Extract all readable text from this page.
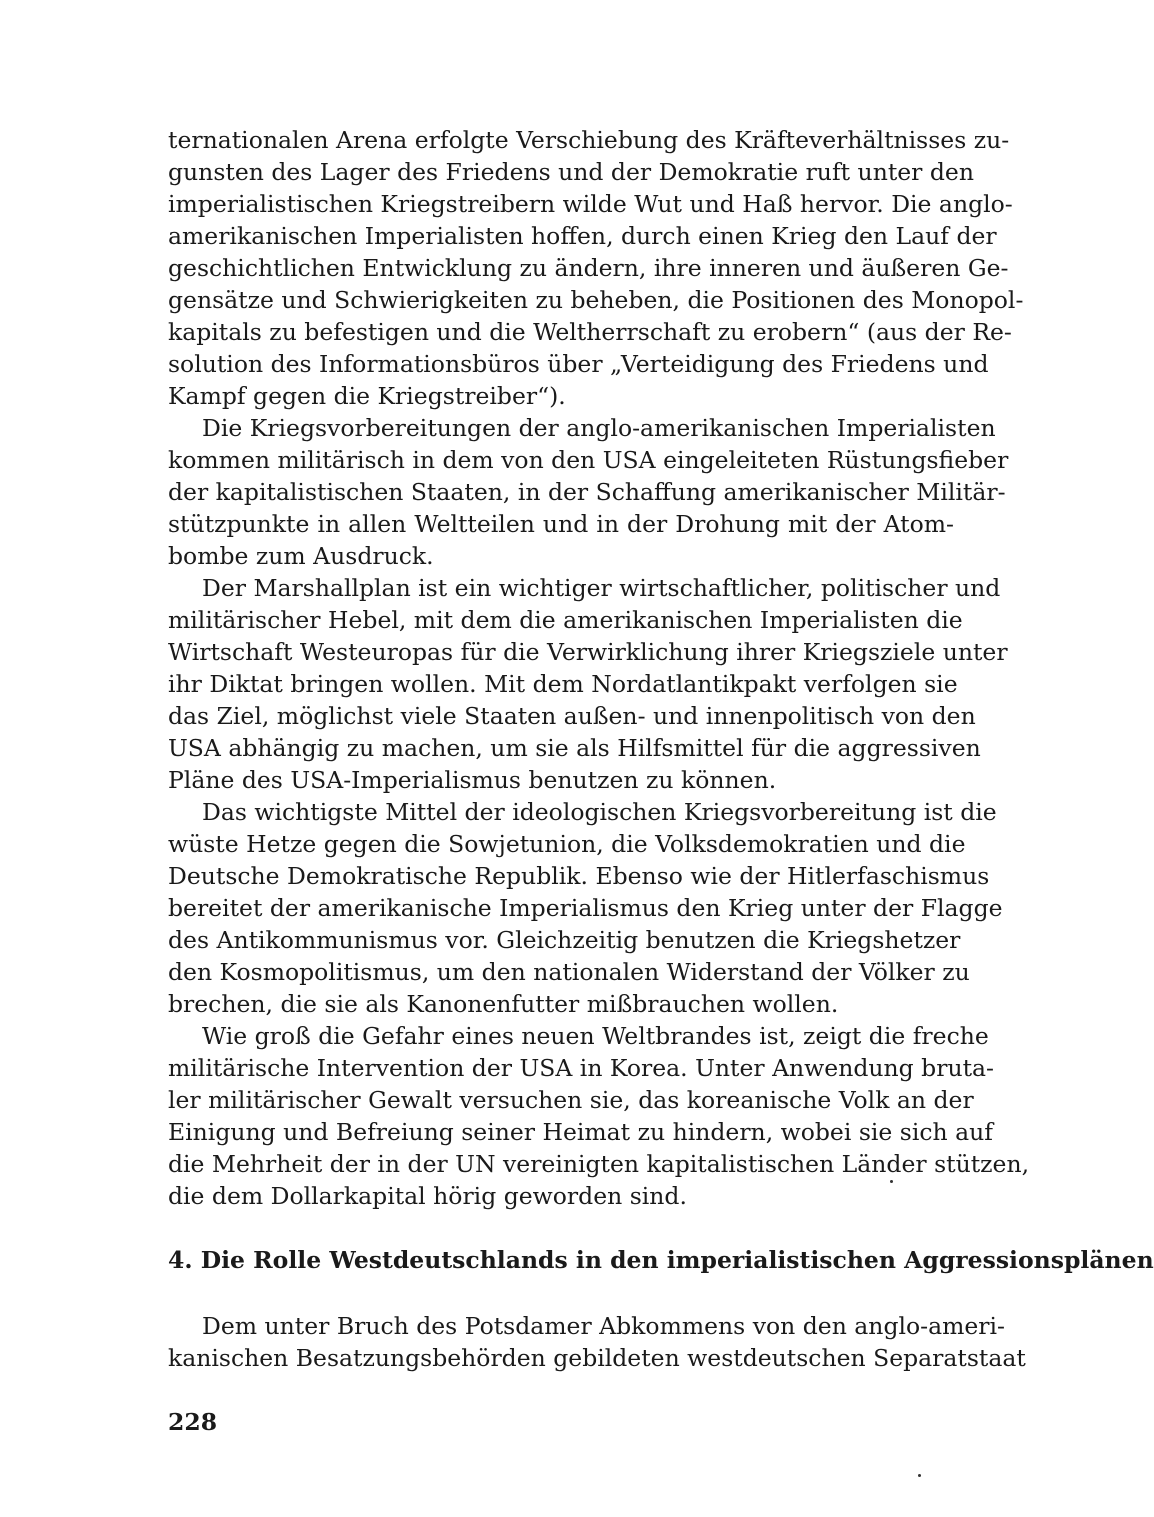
ternationalen Arena erfolgte Verschiebung des Kräfteverhältnisses zu-
gunsten des Lager des Friedens und der Demokratie ruft unter den
imperialistischen Kriegstreibern wilde Wut und Haß hervor. Die anglo-
amerikanischen Imperialisten hoffen, durch einen Krieg den Lauf der
geschichtlichen Entwicklung zu ändern, ihre inneren und äußeren Ge-
gensätze und Schwierigkeiten zu beheben, die Positionen des Monopol-
kapitals zu befestigen und die Weltherrschaft zu erobern“ (aus der Re-
solution des Informationsbüros über „Verteidigung des Friedens und
Kampf gegen die Kriegstreiber“).
Die Kriegsvorbereitungen der anglo-amerikanischen Imperialisten
kommen militärisch in dem von den USA eingeleiteten Rüstungsfieber
der kapitalistischen Staaten, in der Schaffung amerikanischer Militär-
stützpunkte in allen Weltteilen und in der Drohung mit der Atom-
bombe zum Ausdruck.
Der Marshallplan ist ein wichtiger wirtschaftlicher, politischer und
militärischer Hebel, mit dem die amerikanischen Imperialisten die
Wirtschaft Westeuropas für die Verwirklichung ihrer Kriegsziele unter
ihr Diktat bringen wollen. Mit dem Nordatlantikpakt verfolgen sie
das Ziel, möglichst viele Staaten außen- und innenpolitisch von den
USA abhängig zu machen, um sie als Hilfsmittel für die aggressiven
Pläne des USA-Imperialismus benutzen zu können.
Das wichtigste Mittel der ideologischen Kriegsvorbereitung ist die
wüste Hetze gegen die Sowjetunion, die Volksdemokratien und die
Deutsche Demokratische Republik. Ebenso wie der Hitlerfaschismus
bereitet der amerikanische Imperialismus den Krieg unter der Flagge
des Antikommunismus vor. Gleichzeitig benutzen die Kriegshetzer
den Kosmopolitismus, um den nationalen Widerstand der Völker zu
brechen, die sie als Kanonenfutter mißbrauchen wollen.
Wie groß die Gefahr eines neuen Weltbrandes ist, zeigt die freche
militärische Intervention der USA in Korea. Unter Anwendung bruta-
ler militärischer Gewalt versuchen sie, das koreanische Volk an der
Einigung und Befreiung seiner Heimat zu hindern, wobei sie sich auf
die Mehrheit der in der UN vereinigten kapitalistischen Länder stützen,
die dem Dollarkapital hörig geworden sind.
4. Die Rolle Westdeutschlands in den imperialistischen Aggressionsplänen
Dem unter Bruch des Potsdamer Abkommens von den anglo-ameri-
kanischen Besatzungsbehörden gebildeten westdeutschen Separatstaat
228
